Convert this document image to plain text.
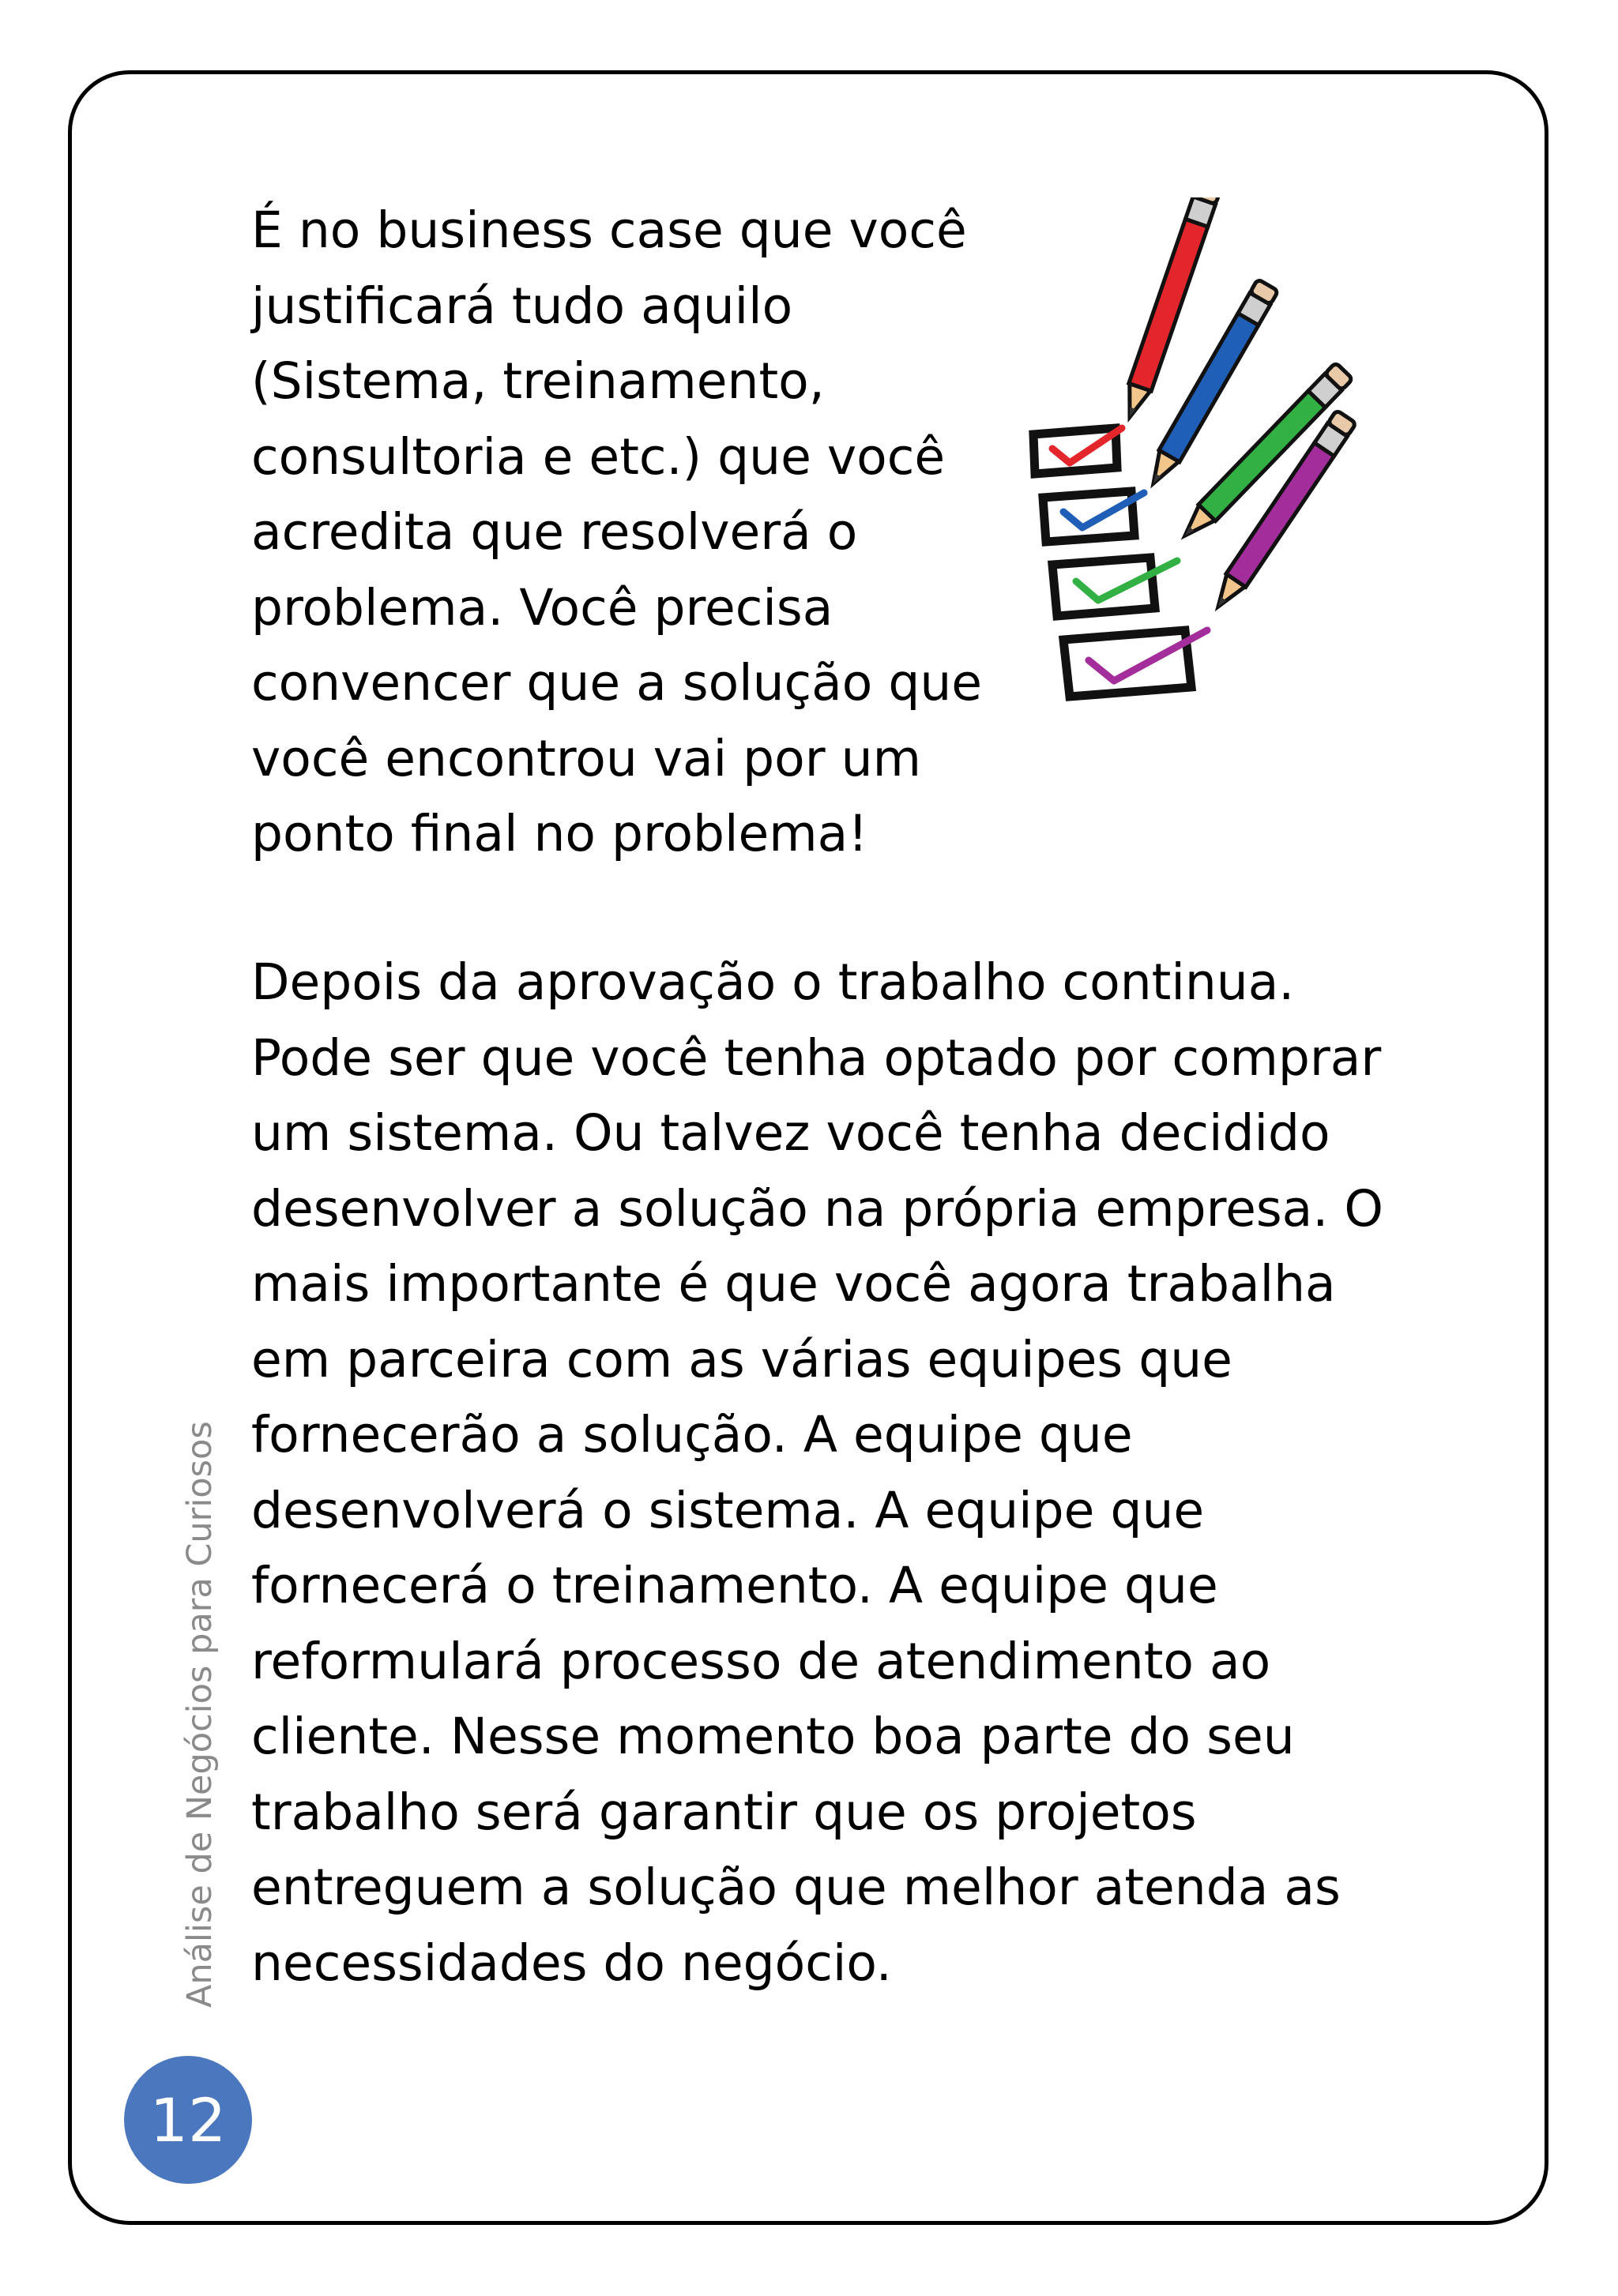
É no business case que você
justificará tudo aquilo
(Sistema, treinamento,
consultoria e etc.) que você
acredita que resolverá o
problema. Você precisa
convencer que a solução que
você encontrou vai por um
ponto final no problema!

Depois da aprovação o trabalho continua.
Pode ser que você tenha optado por comprar
um sistema. Ou talvez você tenha decidido
desenvolver a solução na própria empresa. O
mais importante é que você agora trabalha
em parceira com as várias equipes que
fornecerão a solução. A equipe que
desenvolverá o sistema. A equipe que
fornecerá o treinamento. A equipe que
reformulará processo de atendimento ao
cliente. Nesse momento boa parte do seu
trabalho será garantir que os projetos
entreguem a solução que melhor atenda as
necessidades do negócio.

Análise de Negócios para Curiosos
12
